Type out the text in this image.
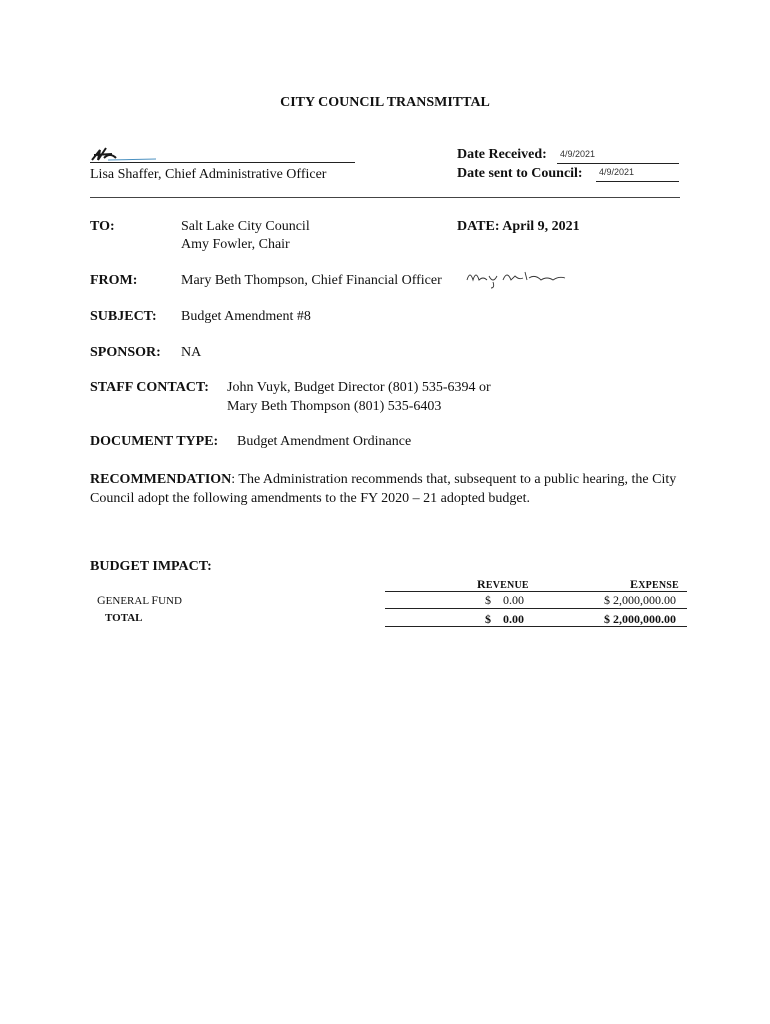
CITY COUNCIL TRANSMITTAL
Lisa Shaffer, Chief Administrative Officer
Date Received: 4/9/2021
Date sent to Council: 4/9/2021
TO:	Salt Lake City Council
Amy Fowler, Chair
DATE: April 9, 2021
FROM:	Mary Beth Thompson, Chief Financial Officer
SUBJECT: Budget Amendment #8
SPONSOR: NA
STAFF CONTACT: John Vuyk, Budget Director (801) 535-6394 or
Mary Beth Thompson (801) 535-6403
DOCUMENT TYPE: Budget Amendment Ordinance
RECOMMENDATION: The Administration recommends that, subsequent to a public hearing, the City Council adopt the following amendments to the FY 2020 – 21 adopted budget.
BUDGET IMPACT:
REVENUE	EXPENSE
GENERAL FUND	$    0.00	$ 2,000,000.00
TOTAL	$    0.00	$ 2,000,000.00
